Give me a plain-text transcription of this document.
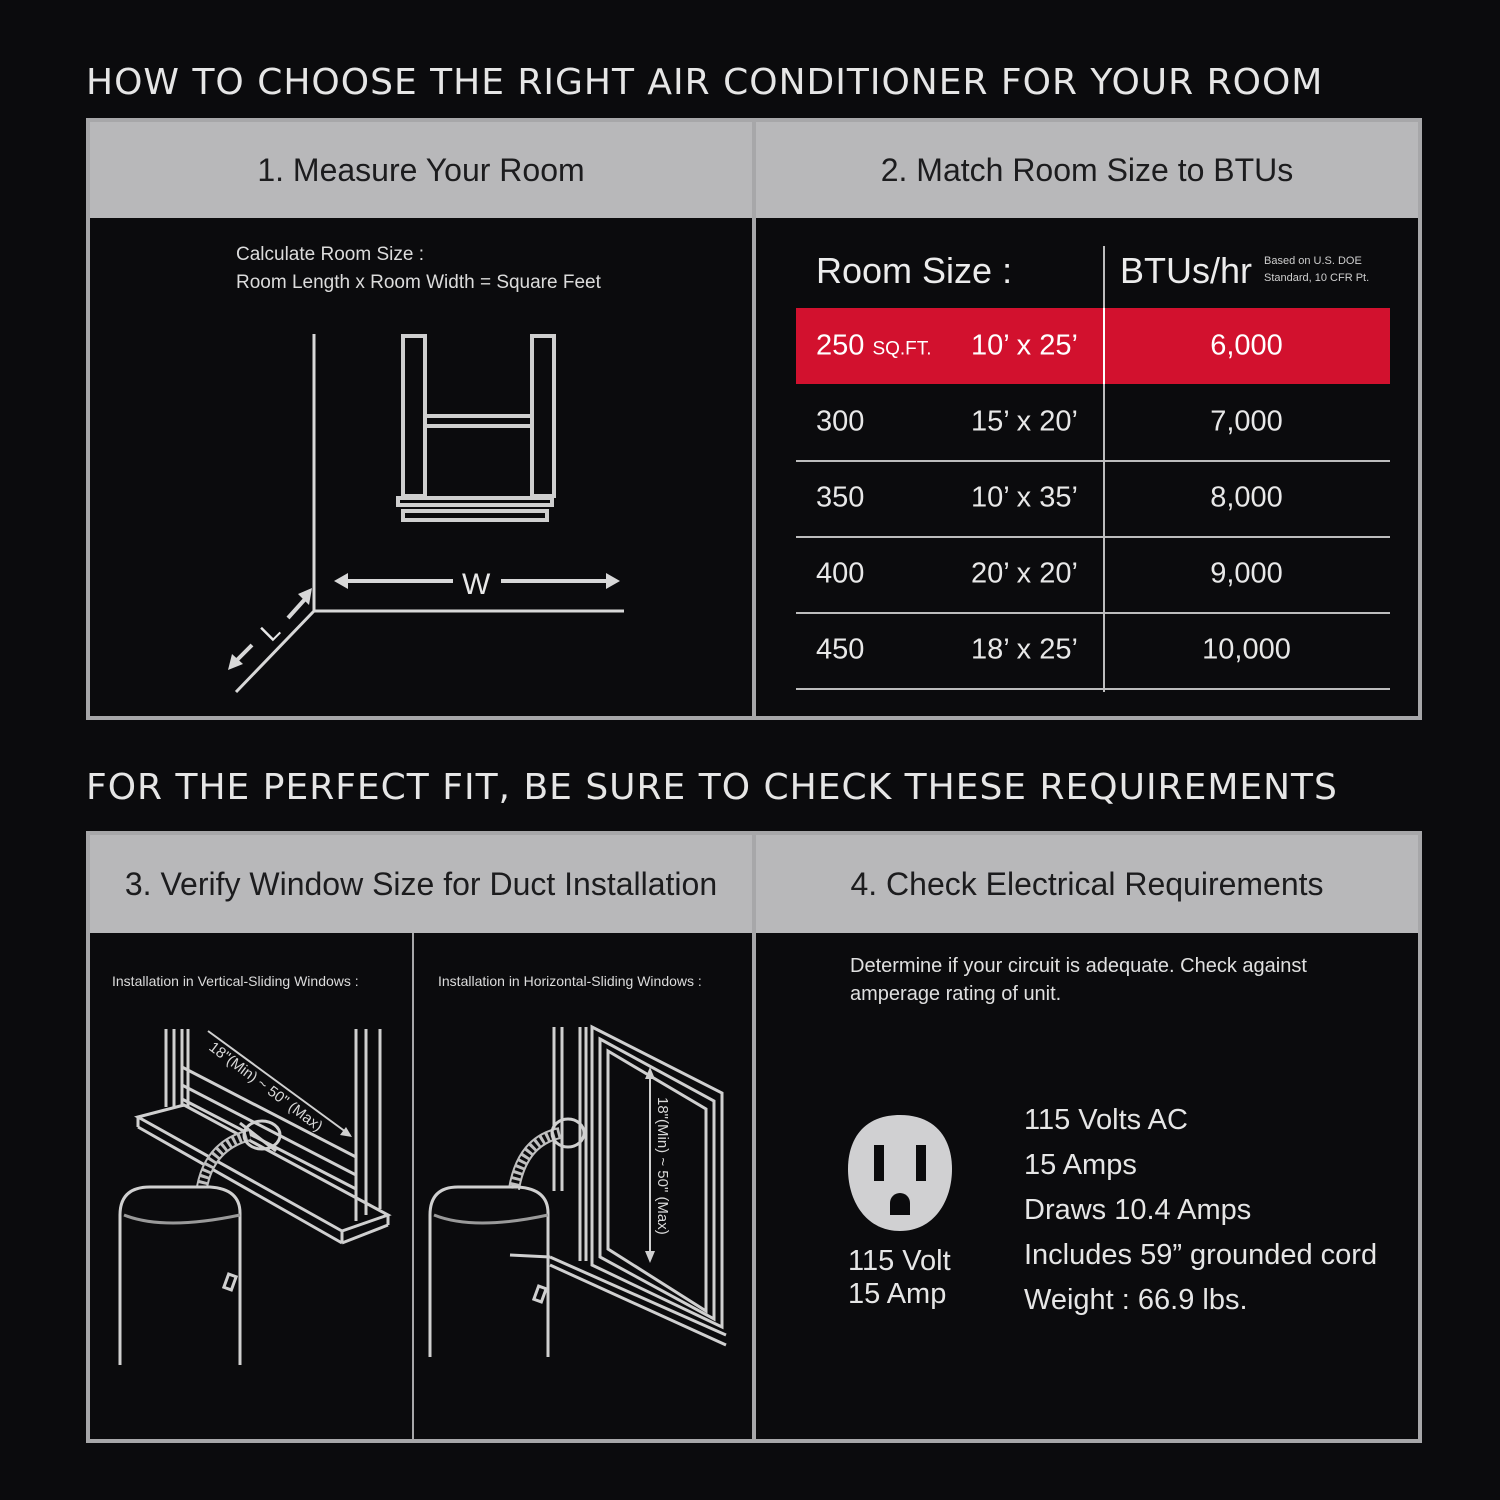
HOW TO CHOOSE THE RIGHT AIR CONDITIONER FOR YOUR ROOM
1. Measure Your Room
Calculate Room Size :
Room Length x Room Width = Square Feet
W
L
2. Match Room Size to BTUs
Room Size :	BTUs/hr Based on U.S. DOE
Standard, 10 CFR Pt.
250 SQ.FT. 10’ x 25’	6,000
300	15’ x 20’	7,000
350	10’ x 35’	8,000
400	20’ x 20’	9,000
450	18’ x 25’	10,000
FOR THE PERFECT FIT, BE SURE TO CHECK THESE REQUIREMENTS
3. Verify Window Size for Duct Installation
Installation in Vertical-Sliding Windows :	Installation in Horizontal-Sliding Windows :
18"(Min) ~ 50" (Max)
18"(Min) ~ 50" (Max)
4. Check Electrical Requirements
Determine if your circuit is adequate. Check against
amperage rating of unit.
115 Volt
15 Amp
115 Volts AC
15 Amps
Draws 10.4 Amps
Includes 59” grounded cord
Weight : 66.9 lbs.
